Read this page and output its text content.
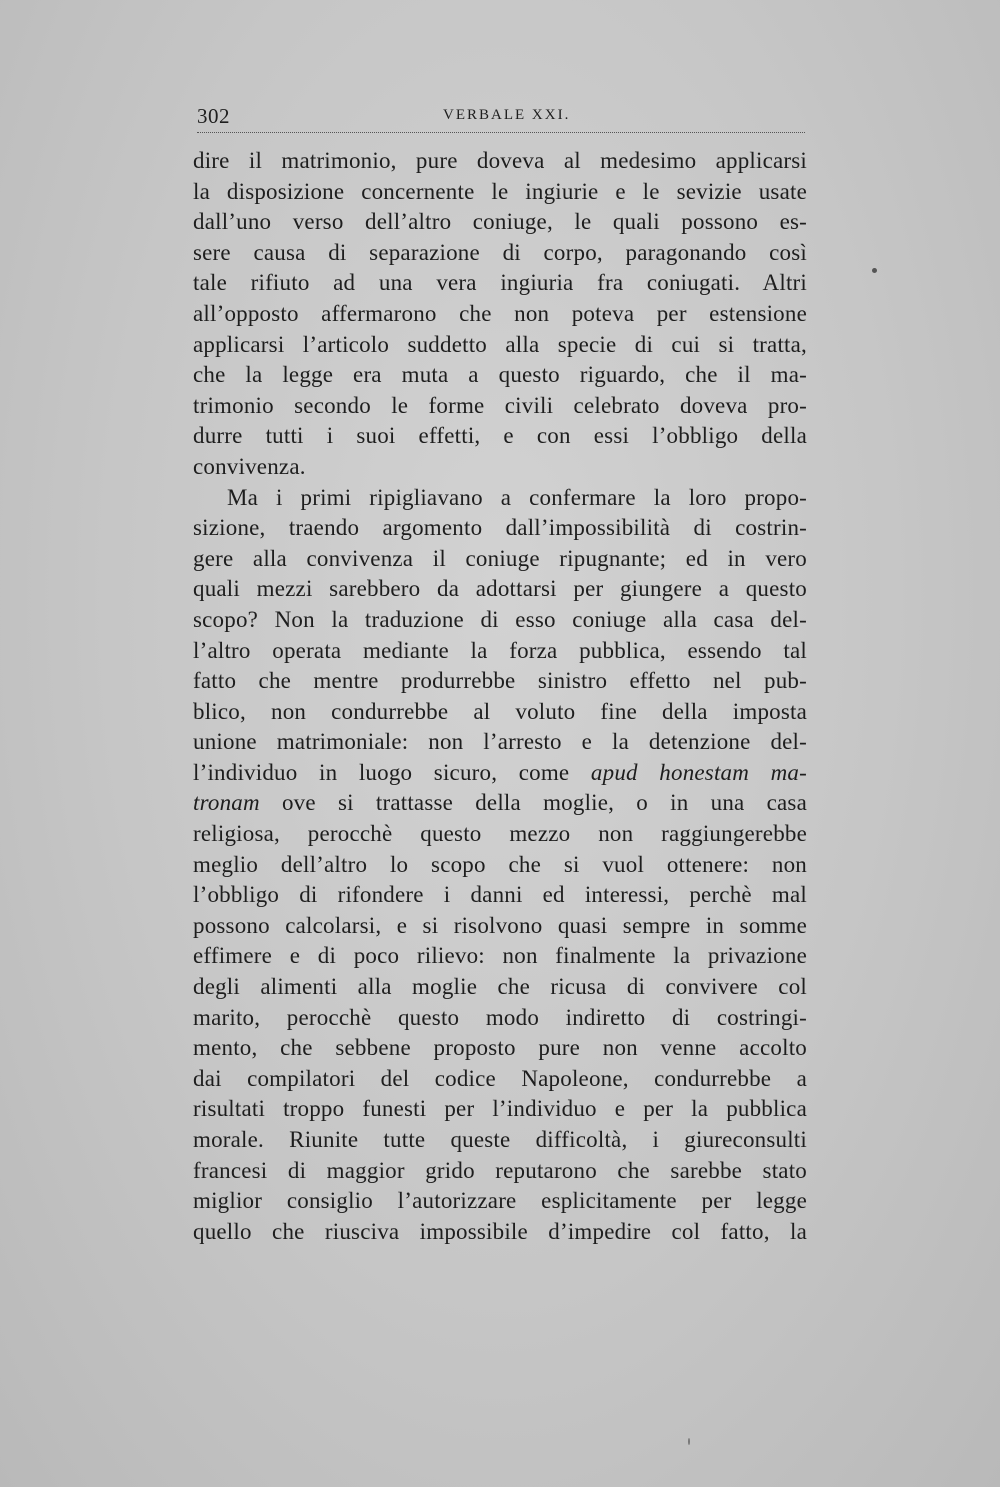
302	VERBALE XXI.
dire il matrimonio, pure doveva al medesimo applicarsi
la disposizione concernente le ingiurie e le sevizie usate
dall’uno verso dell’altro coniuge, le quali possono es-
sere causa di separazione di corpo, paragonando così
tale rifiuto ad una vera ingiuria fra coniugati. Altri
all’opposto affermarono che non poteva per estensione
applicarsi l’articolo suddetto alla specie di cui si tratta,
che la legge era muta a questo riguardo, che il ma-
trimonio secondo le forme civili celebrato doveva pro-
durre tutti i suoi effetti, e con essi l’obbligo della
convivenza.
Ma i primi ripigliavano a confermare la loro propo-
sizione, traendo argomento dall’impossibilità di costrin-
gere alla convivenza il coniuge ripugnante; ed in vero
quali mezzi sarebbero da adottarsi per giungere a questo
scopo? Non la traduzione di esso coniuge alla casa del-
l’altro operata mediante la forza pubblica, essendo tal
fatto che mentre produrrebbe sinistro effetto nel pub-
blico, non condurrebbe al voluto fine della imposta
unione matrimoniale: non l’arresto e la detenzione del-
l’individuo in luogo sicuro, come apud honestam ma-
tronam ove si trattasse della moglie, o in una casa
religiosa, perocchè questo mezzo non raggiungerebbe
meglio dell’altro lo scopo che si vuol ottenere: non
l’obbligo di rifondere i danni ed interessi, perchè mal
possono calcolarsi, e si risolvono quasi sempre in somme
effimere e di poco rilievo: non finalmente la privazione
degli alimenti alla moglie che ricusa di convivere col
marito, perocchè questo modo indiretto di costringi-
mento, che sebbene proposto pure non venne accolto
dai compilatori del codice Napoleone, condurrebbe a
risultati troppo funesti per l’individuo e per la pubblica
morale. Riunite tutte queste difficoltà, i giureconsulti
francesi di maggior grido reputarono che sarebbe stato
miglior consiglio l’autorizzare esplicitamente per legge
quello che riusciva impossibile d’impedire col fatto, la
